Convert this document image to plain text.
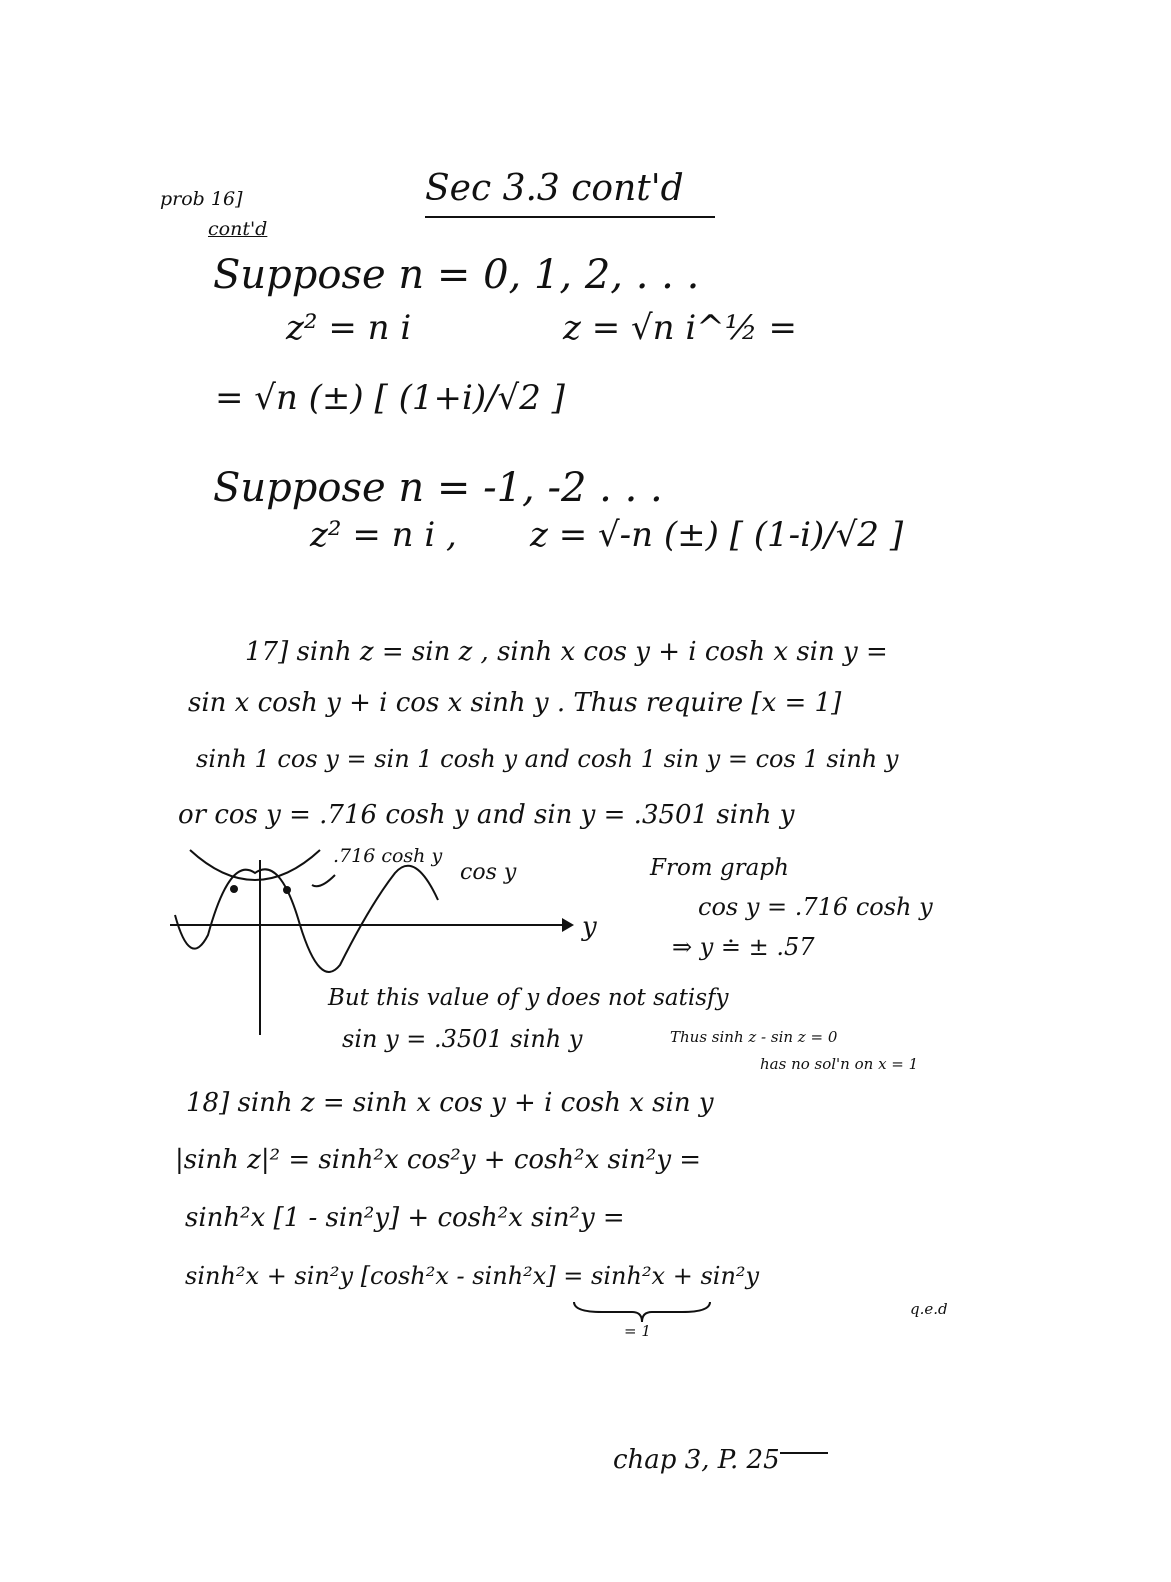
prob 16]
cont'd
Sec 3.3 cont'd
Suppose n = 0, 1, 2, . . .
z² = n i	z = √n i^½ =
= √n (±) [ (1+i)/√2 ]
Suppose n = -1, -2 . . .
z² = n i , z = √-n (±) [ (1-i)/√2 ]
17] sinh z = sin z , sinh x cos y + i cosh x sin y =
sin x cosh y + i cos x sinh y . Thus require [x = 1]
sinh 1 cos y = sin 1 cosh y and cosh 1 sin y = cos 1 sinh y
or cos y = .716 cosh y and sin y = .3501 sinh y
.716 cosh y
cos y
y
From graph
cos y = .716 cosh y
⇒ y ≐ ± .57
But this value of y does not satisfy
sin y = .3501 sinh y	Thus sinh z - sin z = 0
has no sol'n on x = 1
18] sinh z = sinh x cos y + i cosh x sin y
|sinh z|² = sinh²x cos²y + cosh²x sin²y =
sinh²x [1 - sin²y] + cosh²x sin²y =
sinh²x + sin²y [cosh²x - sinh²x] = sinh²x + sin²y
= 1
q.e.d
chap 3, P. 25
